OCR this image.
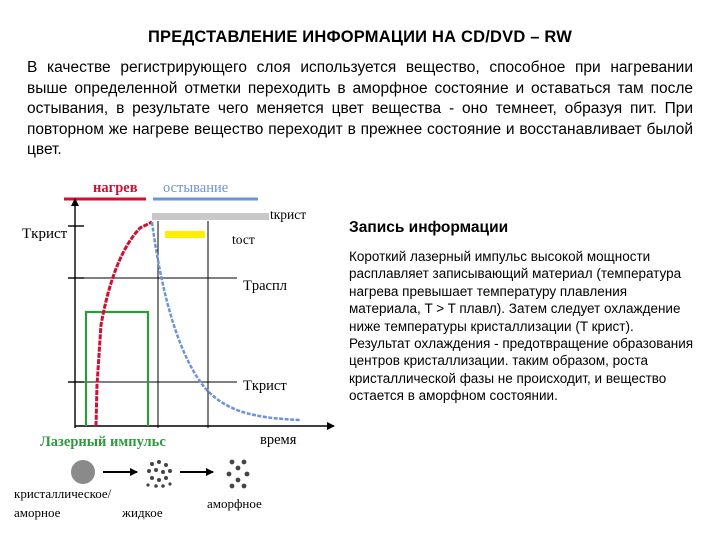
ПРЕДСТАВЛЕНИЕ ИНФОРМАЦИИ НА CD/DVD – RW
В качестве регистрирующего слоя используется вещество, способное при нагревании выше определенной отметки переходить в аморфное состояние и оставаться там после остывания, в результате чего меняется цвет вещества - оно темнеет, образуя пит. При повторном же нагреве вещество переходит в прежнее состояние и восстанавливает былой цвет.
нагрев остывание
Tкрист
tкрист
tост
Tраспл
Tкрист
время
Лазерный импульс
кристаллическое/
аморное	жидкое
аморфное
Запись информации

Короткий лазерный импульс высокой мощности расплавляет записывающий материал (температура нагрева превышает температуру плавления материала, T > T плавл). Затем следует охлаждение ниже температуры кристаллизации (T крист). Результат охлаждения - предотвращение образования центров кристаллизации. таким образом, роста кристаллической фазы не происходит, и вещество остается в аморфном состоянии.
